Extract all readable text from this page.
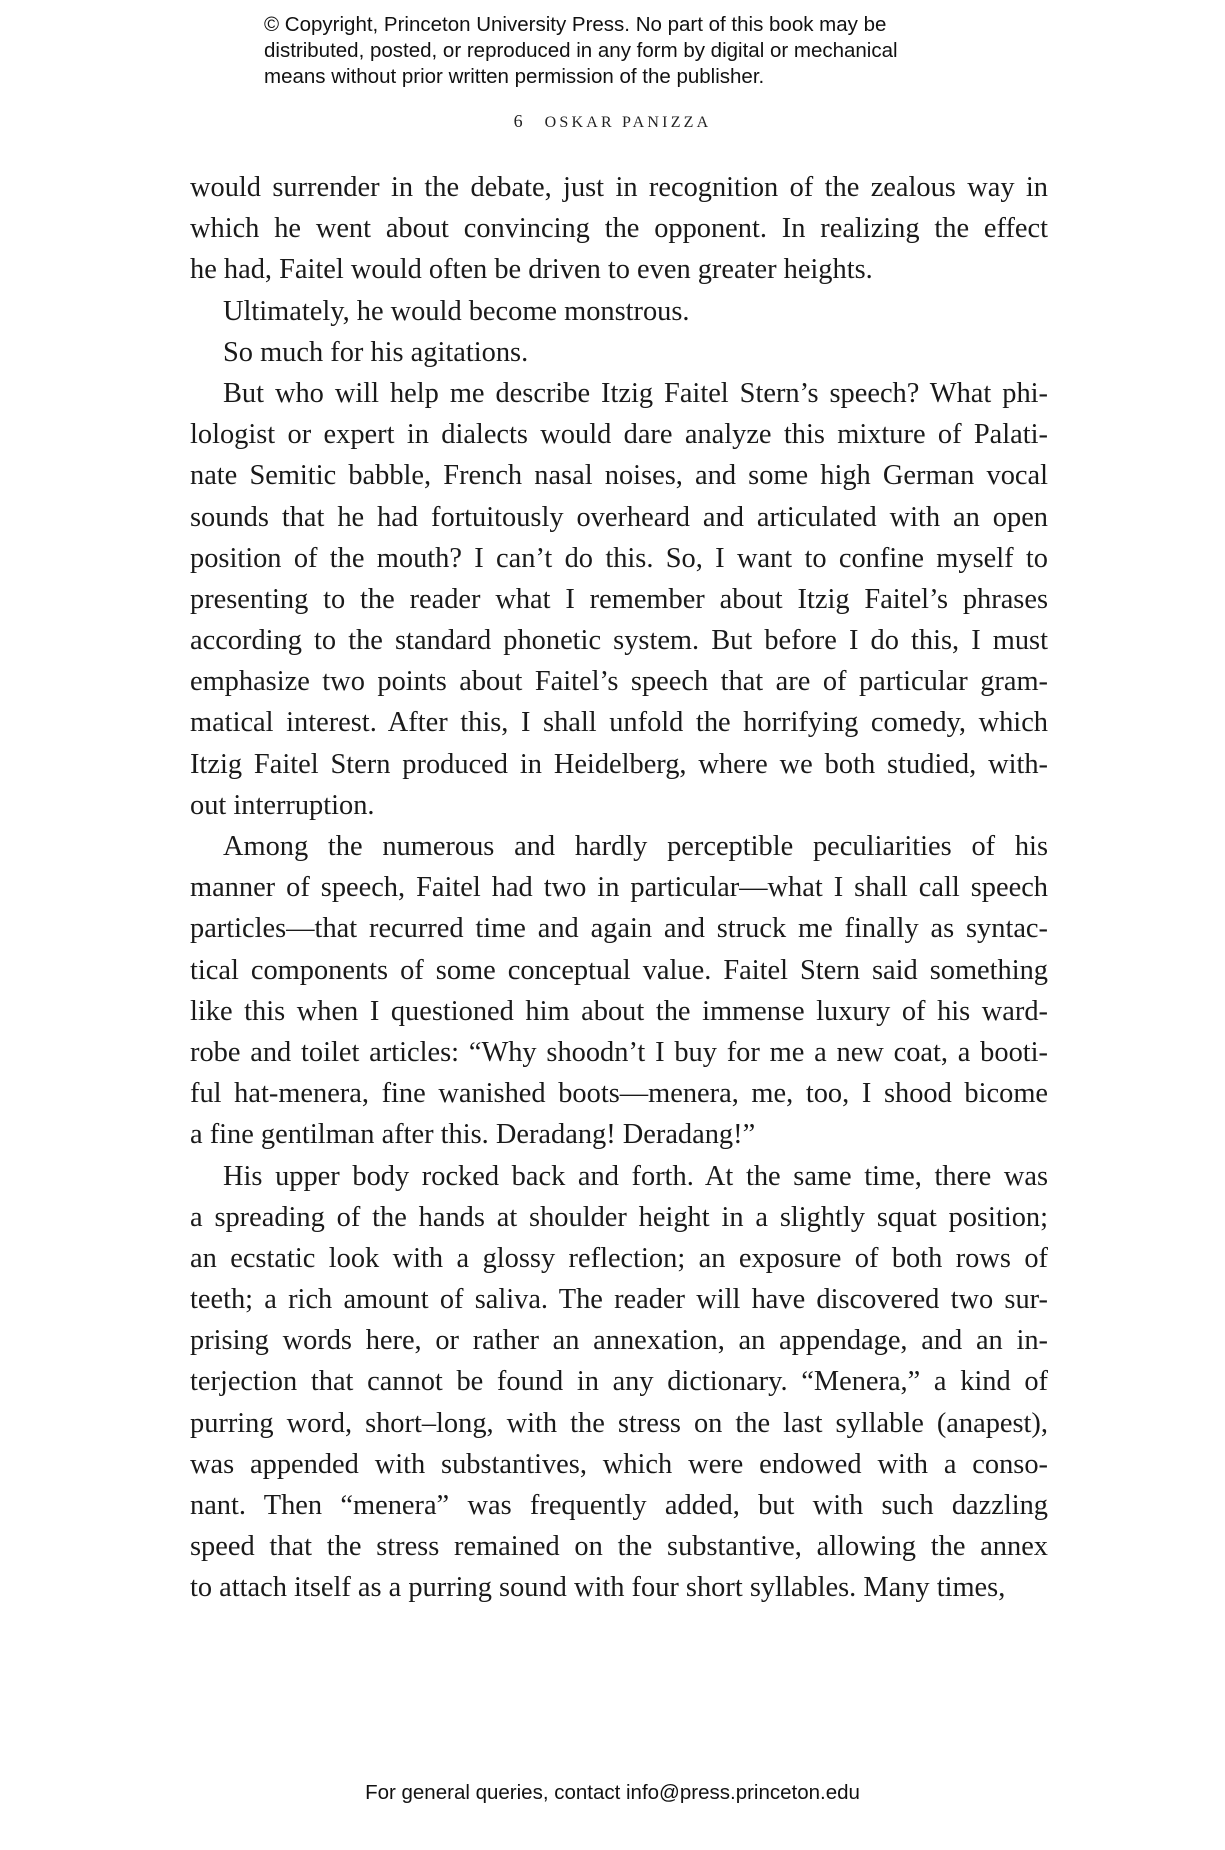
© Copyright, Princeton University Press. No part of this book may be
distributed, posted, or reproduced in any form by digital or mechanical
means without prior written permission of the publisher.
6 OSKAR PANIZZA
would surrender in the debate, just in recognition of the zealous way in
which he went about convincing the opponent. In realizing the effect
he had, Faitel would often be driven to even greater heights.
Ultimately, he would become monstrous.
So much for his agitations.
But who will help me describe Itzig Faitel Stern’s speech? What phi-
lologist or expert in dialects would dare analyze this mixture of Palati-
nate Semitic babble, French nasal noises, and some high German vocal
sounds that he had fortuitously overheard and articulated with an open
position of the mouth? I can’t do this. So, I want to confine myself to
presenting to the reader what I remember about Itzig Faitel’s phrases
according to the standard phonetic system. But before I do this, I must
emphasize two points about Faitel’s speech that are of particular gram-
matical interest. After this, I shall unfold the horrifying comedy, which
Itzig Faitel Stern produced in Heidelberg, where we both studied, with-
out interruption.
Among the numerous and hardly perceptible peculiarities of his
manner of speech, Faitel had two in particular—what I shall call speech
particles—that recurred time and again and struck me finally as syntac-
tical components of some conceptual value. Faitel Stern said something
like this when I questioned him about the immense luxury of his ward-
robe and toilet articles: “Why shoodn’t I buy for me a new coat, a booti-
ful hat-menera, fine wanished boots—menera, me, too, I shood bicome
a fine gentilman after this. Deradang! Deradang!”
His upper body rocked back and forth. At the same time, there was
a spreading of the hands at shoulder height in a slightly squat position;
an ecstatic look with a glossy reflection; an exposure of both rows of
teeth; a rich amount of saliva. The reader will have discovered two sur-
prising words here, or rather an annexation, an appendage, and an in-
terjection that cannot be found in any dictionary. “Menera,” a kind of
purring word, short–long, with the stress on the last syllable (anapest),
was appended with substantives, which were endowed with a conso-
nant. Then “menera” was frequently added, but with such dazzling
speed that the stress remained on the substantive, allowing the annex
to attach itself as a purring sound with four short syllables. Many times,
For general queries, contact info@press.princeton.edu
